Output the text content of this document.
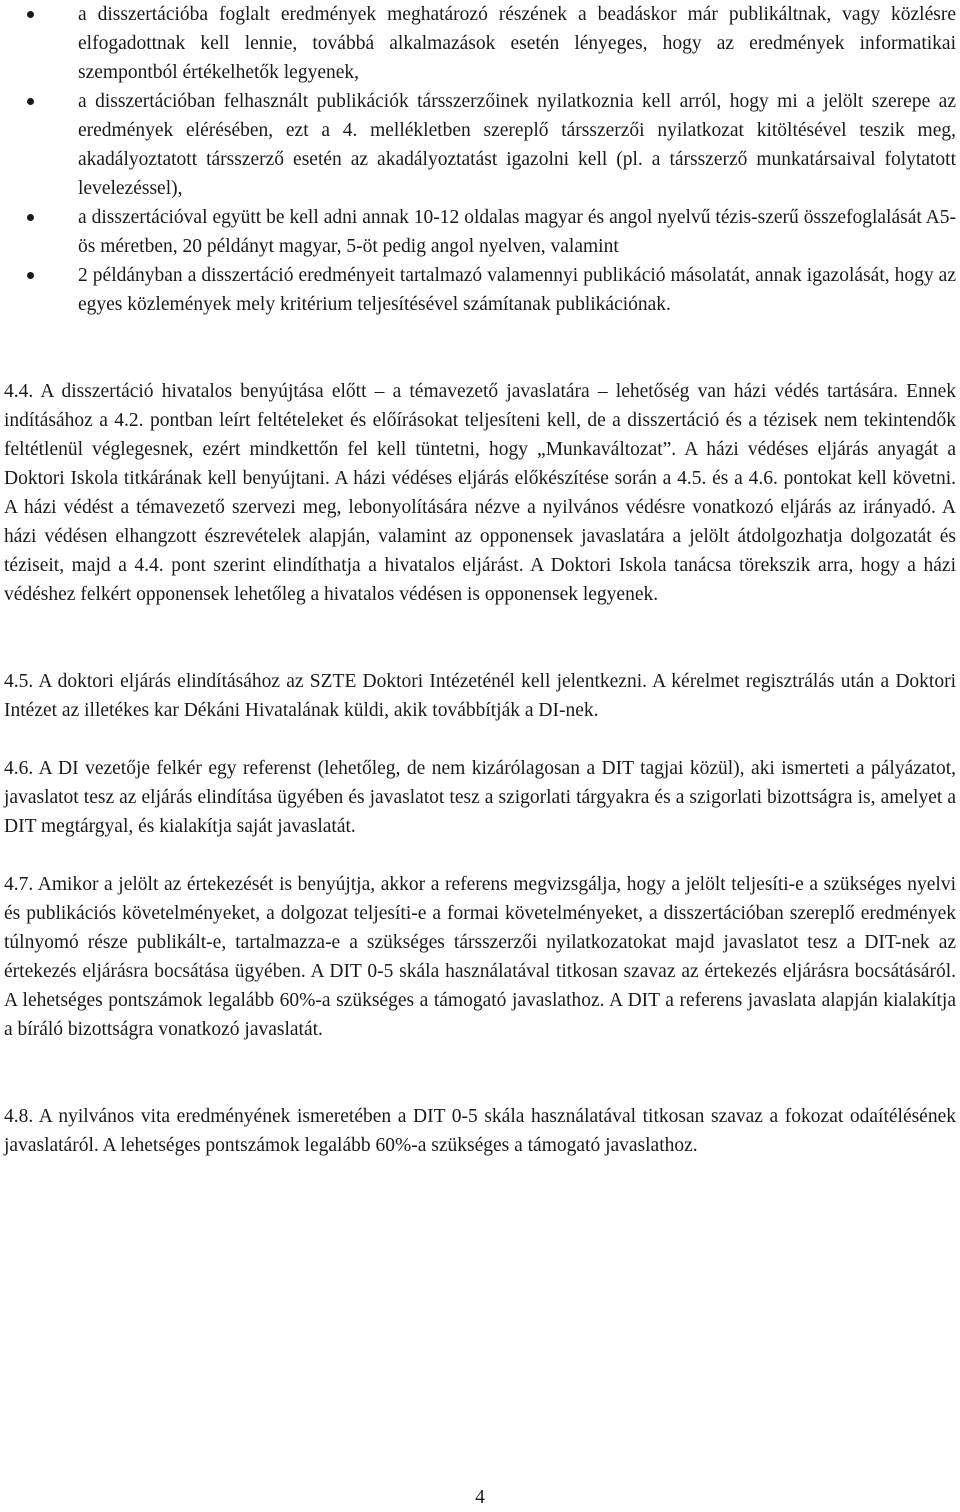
a disszertációba foglalt eredmények meghatározó részének a beadáskor már publikáltnak, vagy közlésre elfogadottnak kell lennie, továbbá alkalmazások esetén lényeges, hogy az eredmények informatikai szempontból értékelhetők legyenek,
a disszertációban felhasznált publikációk társszerzőinek nyilatkoznia kell arról, hogy mi a jelölt szerepe az eredmények elérésében, ezt a 4. mellékletben szereplő társszerzői nyilatkozat kitöltésével teszik meg, akadályoztatott társszerző esetén az akadályoztatást igazolni kell (pl. a társszerző munkatársaival folytatott levelezéssel),
a disszertációval együtt be kell adni annak 10-12 oldalas magyar és angol nyelvű tézis-szerű összefoglalását A5-ös méretben, 20 példányt magyar, 5-öt pedig angol nyelven, valamint
2 példányban a disszertáció eredményeit tartalmazó valamennyi publikáció másolatát, annak igazolását, hogy az egyes közlemények mely kritérium teljesítésével számítanak publikációnak.

4.4. A disszertáció hivatalos benyújtása előtt – a témavezető javaslatára – lehetőség van házi védés tartására. Ennek indításához a 4.2. pontban leírt feltételeket és előírásokat teljesíteni kell, de a disszertáció és a tézisek nem tekintendők feltétlenül véglegesnek, ezért mindkettőn fel kell tüntetni, hogy „Munkaváltozat”. A házi védéses eljárás anyagát a Doktori Iskola titkárának kell benyújtani. A házi védéses eljárás előkészítése során a 4.5. és a 4.6. pontokat kell követni. A házi védést a témavezető szervezi meg, lebonyolítására nézve a nyilvános védésre vonatkozó eljárás az irányadó. A házi védésen elhangzott észrevételek alapján, valamint az opponensek javaslatára a jelölt átdolgozhatja dolgozatát és téziseit, majd a 4.4. pont szerint elindíthatja a hivatalos eljárást. A Doktori Iskola tanácsa törekszik arra, hogy a házi védéshez felkért opponensek lehetőleg a hivatalos védésen is opponensek legyenek.

4.5. A doktori eljárás elindításához az SZTE Doktori Intézeténél kell jelentkezni. A kérelmet regisztrálás után a Doktori Intézet az illetékes kar Dékáni Hivatalának küldi, akik továbbítják a DI-nek.

4.6. A DI vezetője felkér egy referenst (lehetőleg, de nem kizárólagosan a DIT tagjai közül), aki ismerteti a pályázatot, javaslatot tesz az eljárás elindítása ügyében és javaslatot tesz a szigorlati tárgyakra és a szigorlati bizottságra is, amelyet a DIT megtárgyal, és kialakítja saját javaslatát.

4.7. Amikor a jelölt az értekezését is benyújtja, akkor a referens megvizsgálja, hogy a jelölt teljesíti-e a szükséges nyelvi és publikációs követelményeket, a dolgozat teljesíti-e a formai követelményeket, a disszertációban szereplő eredmények túlnyomó része publikált-e, tartalmazza-e a szükséges társszerzői nyilatkozatokat majd javaslatot tesz a DIT-nek az értekezés eljárásra bocsátása ügyében. A DIT 0-5 skála használatával titkosan szavaz az értekezés eljárásra bocsátásáról. A lehetséges pontszámok legalább 60%-a szükséges a támogató javaslathoz. A DIT a referens javaslata alapján kialakítja a bíráló bizottságra vonatkozó javaslatát.

4.8. A nyilvános vita eredményének ismeretében a DIT 0-5 skála használatával titkosan szavaz a fokozat odaítélésének javaslatáról. A lehetséges pontszámok legalább 60%-a szükséges a támogató javaslathoz.

4
